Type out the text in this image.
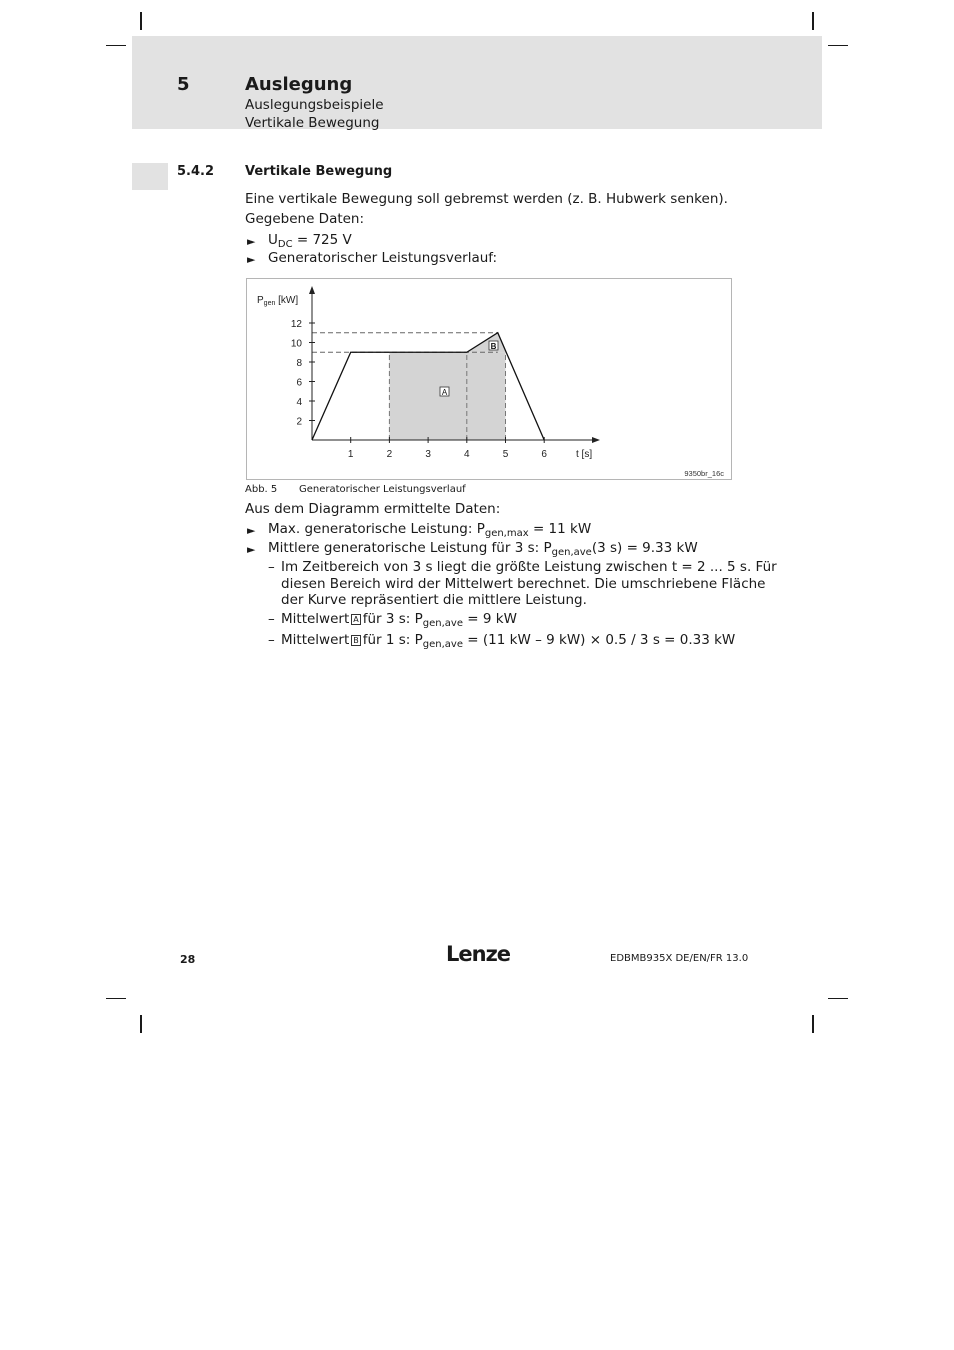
5	Auslegung
Auslegungsbeispiele
Vertikale Bewegung
5.4.2 Vertikale Bewegung
Eine vertikale Bewegung soll gebremst werden (z. B. Hubwerk senken).
Gegebene Daten:
► $U_{DC} = 725$ V
► Generatorischer Leistungsverlauf:
1	2	3	4	5	6
2
4
6
8
10
12
$P_{gen}$ [kW]
t [s]
A
B
9350br_16c
Abb. 5 Generatorischer Leistungsverlauf
Aus dem Diagramm ermittelte Daten:
► Max. generatorische Leistung: $P_{gen,max} = 11$ kW
► Mittlere generatorische Leistung für 3 s: $P_{gen,ave}(3$ s) = 9.33 kW
– Im Zeitbereich von 3 s liegt die größte Leistung zwischen t = 2 ... 5 s. Für
diesen Bereich wird der Mittelwert berechnet. Die umschriebene Fläche
der Kurve repräsentiert die mittlere Leistung.
– Mittelwert A für 3 s: $P_{gen,ave} = 9$ kW
– Mittelwert B für 1 s: $P_{gen,ave} = (11$ kW – 9 kW) × 0.5 / 3 s = 0.33 kW
28	Lenze	EDBMB935X DE/EN/FR 13.0
